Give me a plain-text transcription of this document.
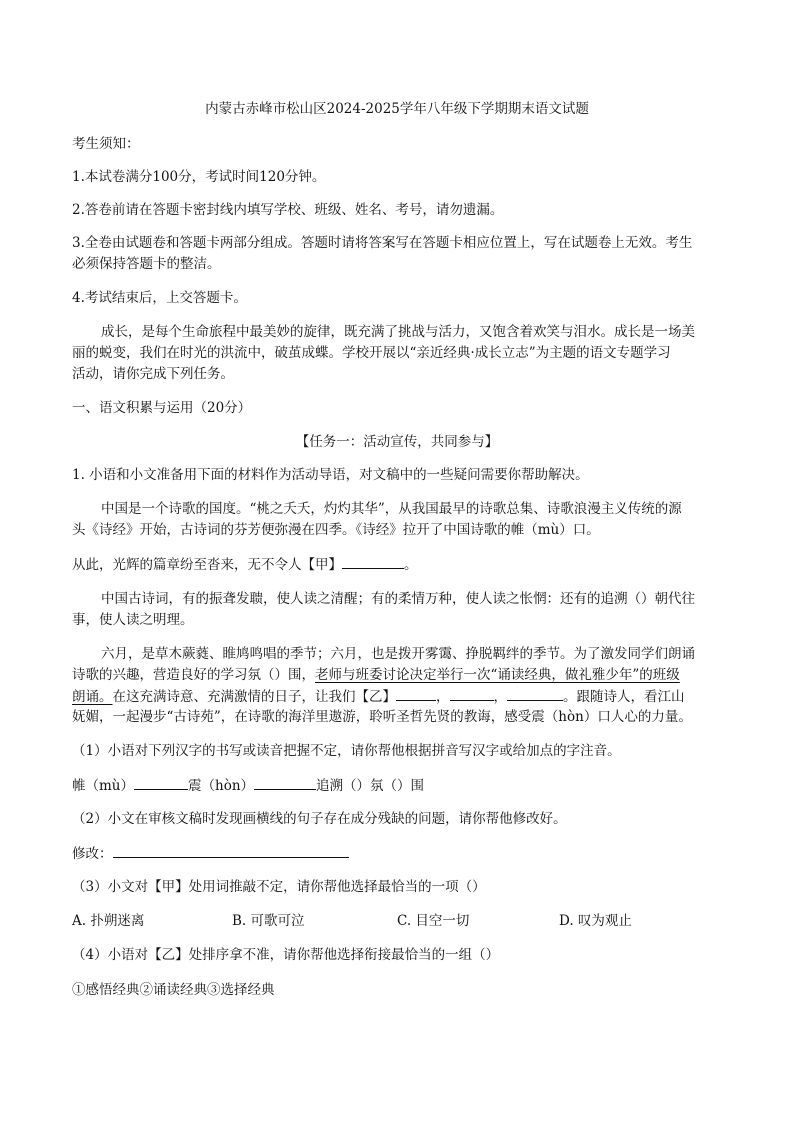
内蒙古赤峰市松山区2024-2025学年八年级下学期期末语文试题
考生须知：
1.本试卷满分100分，考试时间120分钟。
2.答卷前请在答题卡密封线内填写学校、班级、姓名、考号，请勿遗漏。
3.全卷由试题卷和答题卡两部分组成。答题时请将答案写在答题卡相应位置上，写在试题卷上无效。考生
必须保持答题卡的整洁。
4.考试结束后，上交答题卡。
成长，是每个生命旅程中最美妙的旋律，既充满了挑战与活力，又饱含着欢笑与泪水。成长是一场美
丽的蜕变，我们在时光的洪流中，破茧成蝶。学校开展以“亲近经典·成长立志”为主题的语文专题学习
活动，请你完成下列任务。
一、语文积累与运用（20分）
【任务一：活动宣传，共同参与】
1. 小语和小文准备用下面的材料作为活动导语，对文稿中的一些疑问需要你帮助解决。
中国是一个诗歌的国度。“桃之夭夭，灼灼其华”，从我国最早的诗歌总集、诗歌浪漫主义传统的源
头《诗经》开始，古诗词的芬芳便弥漫在四季。《诗经》拉开了中国诗歌的帷（mù）口。
从此，光辉的篇章纷至沓来，无不令人【甲】	。
中国古诗词，有的振聋发聩，使人读之清醒；有的柔情万种，使人读之怅惘：还有的追溯（）朝代往
事，使人读之明理。
六月，是草木蕨蕤、睢鸠鸣唱的季节；六月，也是拨开雾霭、挣脱羁绊的季节。为了激发同学们朗诵
诗歌的兴趣，营造良好的学习氛（）围，老师与班委讨论决定举行一次“诵读经典，做礼雅少年”的班级
朗诵。在这充满诗意、充满激情的日子，让我们【乙】	，	，	。跟随诗人，看江山
妩媚，一起漫步“古诗苑”，在诗歌的海洋里遨游，聆听圣哲先贤的教诲，感受震（hòn）口人心的力量。
（1）小语对下列汉字的书写或读音把握不定，请你帮他根据拼音写汉字或给加点的字注音。
帷（mù）	震（hòn）	追溯（）氛（）围
（2）小文在审核文稿时发现画横线的句子存在成分残缺的问题，请你帮他修改好。
修改：
（3）小文对【甲】处用词推敲不定，请你帮他选择最恰当的一项（）
A. 扑朔迷离	B. 可歌可泣	C. 目空一切	D. 叹为观止
（4）小语对【乙】处排序拿不准，请你帮他选择衔接最恰当的一组（）
①感悟经典②诵读经典③选择经典
